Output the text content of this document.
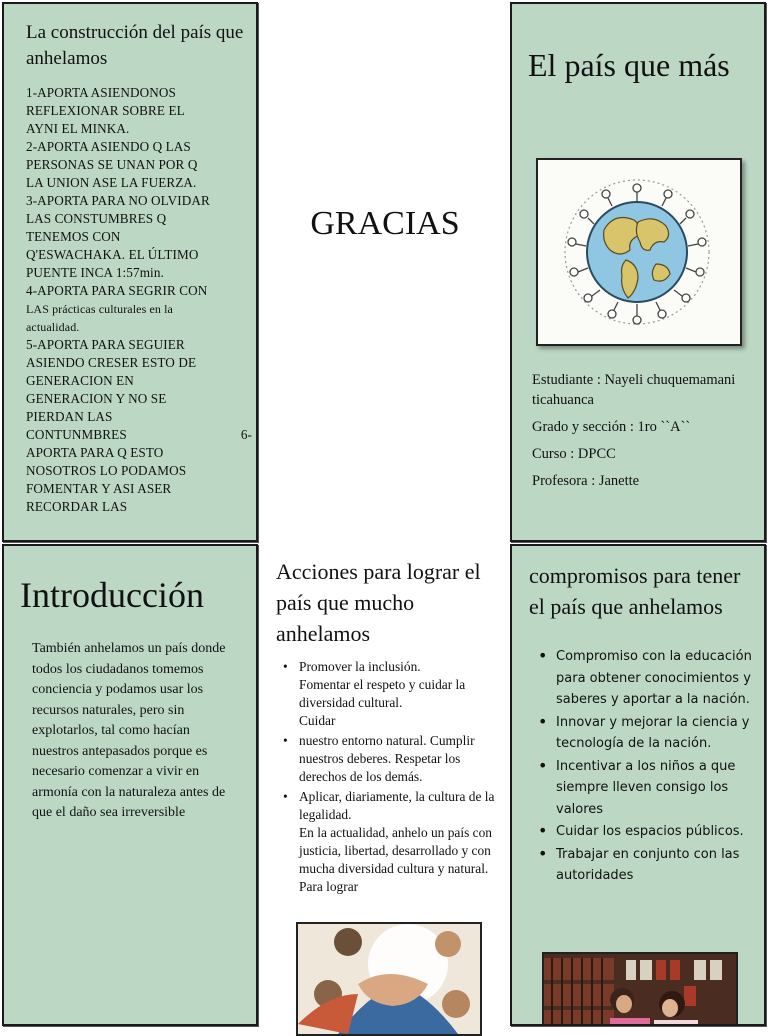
La construcción del país que anhelamos
1-APORTA ASIENDONOS
REFLEXIONAR SOBRE EL
AYNI EL MINKA.
2-APORTA ASIENDO Q LAS
PERSONAS SE UNAN POR Q
LA UNION ASE LA FUERZA.
3-APORTA PARA NO OLVIDAR
LAS CONSTUMBRES Q
TENEMOS CON
Q'ESWACHAKA. EL ÚLTIMO
PUENTE INCA 1:57min.
4-APORTA PARA SEGRIR CON
LAS prácticas culturales en la
actualidad.
5-APORTA PARA SEGUIER
ASIENDO CRESER ESTO DE
GENERACION EN
GENERACION Y NO SE
PIERDAN LAS
CONTUNMBRES	6-
APORTA PARA Q ESTO
NOSOTROS LO PODAMOS
FOMENTAR Y ASI ASER
RECORDAR LAS
GRACIAS
El país que más
Estudiante : Nayeli chuquemamani ticahuanca
Grado y sección : 1ro ``A``
Curso : DPCC
Profesora : Janette
Introducción
También anhelamos un país donde todos los ciudadanos tomemos conciencia y podamos usar los recursos naturales, pero sin explotarlos, tal como hacían nuestros antepasados porque es necesario comenzar a vivir en armonía con la naturaleza antes de que el daño sea irreversible
Acciones para lograr el país que mucho anhelamos
• Promover la inclusión.
Fomentar el respeto y cuidar la diversidad cultural.
Cuidar
• nuestro entorno natural. Cumplir nuestros deberes. Respetar los derechos de los demás.
• Aplicar, diariamente, la cultura de la legalidad.
En la actualidad, anhelo un país con justicia, libertad, desarrollado y con mucha diversidad cultura y natural.
Para lograr
compromisos para tener el país que anhelamos
• Compromiso con la educación para obtener conocimientos y saberes y aportar a la nación.
• Innovar y mejorar la ciencia y tecnología de la nación.
• Incentivar a los niños a que siempre lleven consigo los valores
• Cuidar los espacios públicos.
• Trabajar en conjunto con las autoridades
